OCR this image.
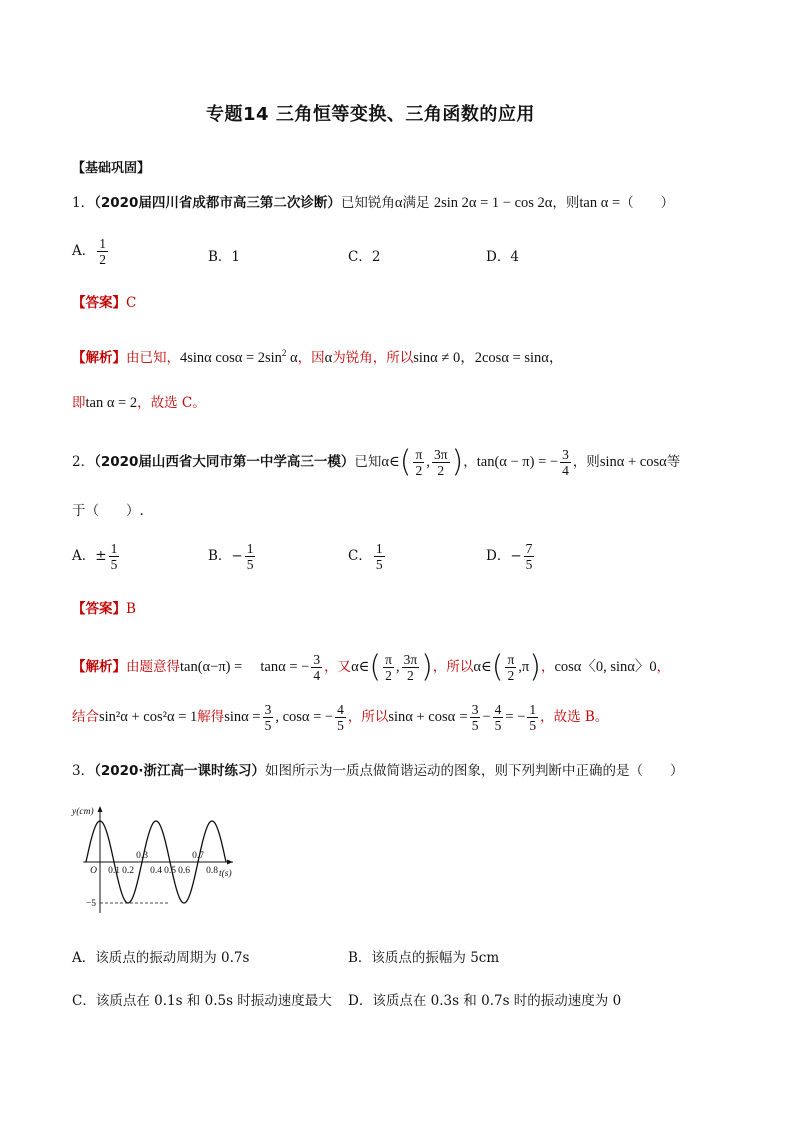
专题14 三角恒等变换、三角函数的应用
【基础巩固】
1．（2020届四川省成都市高三第二次诊断）已知锐角α满足 2sin 2α = 1 − cos 2α，则tan α =（　　）
A． $\frac{1}{2}$	B．1	C．2	D．4
【答案】C
【解析】由已知，4sinα $\cos\alpha = 2\sin^2$ α，因α为锐角，所以sinα ≠ 0，2cosα = sinα，
即tan α = 2，故选 C。
2．（2020届山西省大同市第一中学高三一模）已知α∈( $\frac{\pi}{2}$ , $\frac{3\pi}{2}$ )，tan(α − π) = − $\frac{3}{4}$ ，则sinα + cosα等
于（　　）.
A．± $\frac{1}{5}$	B．− $\frac{1}{5}$	C． $\frac{1}{5}$	D．− $\frac{7}{5}$
【答案】B
【解析】由题意得tan(α−π) = 　tanα = − $\frac{3}{4}$ ，又α∈( $\frac{\pi}{2}$ , $\frac{3\pi}{2}$ )，所以α∈( $\frac{\pi}{2} ,\pi$)，cosα〈0, sinα〉0，
结合sin²α + cos²α = 1解得$\sin\alpha = \frac{3}{5}$ , cosα = − $\frac{4}{5}$ ，所以$\sin\alpha + \cos\alpha = \frac{3}{5} - \frac{4}{5}$ = − $\frac{1}{5}$ ，故选 B。
3．（2020·浙江高一课时练习）如图所示为一质点做简谐运动的图象，则下列判断中正确的是（　　）
0.1 0.2 0.4 0.5 0.6 0.8
0.3	0.7
O	t(s)
y(cm)
−5
A．该质点的振动周期为 0.7s	B．该质点的振幅为 5cm
C．该质点在 0.1s 和 0.5s 时振动速度最大 D．该质点在 0.3s 和 0.7s 时的振动速度为 0
